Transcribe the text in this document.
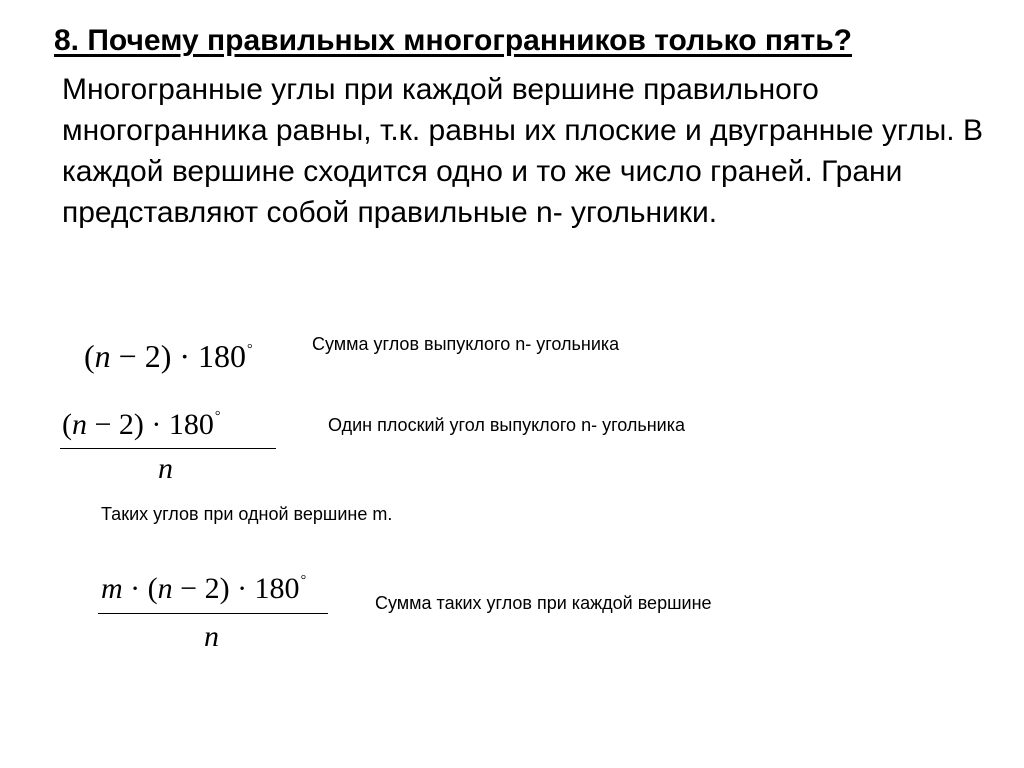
8. Почему правильных многогранников только пять?
Многогранные углы при каждой вершине правильного многогранника равны, т.к. равны их плоские и двугранные углы. В каждой вершине сходится одно и то же число граней. Грани представляют собой правильные n- угольники.
(n − 2) · 180°	Сумма углов выпуклого n- угольника
(n − 2) · 180°
n
Один плоский угол выпуклого n- угольника
Таких углов при одной вершине m.
m · (n − 2) · 180°
n
Сумма таких углов при каждой вершине
